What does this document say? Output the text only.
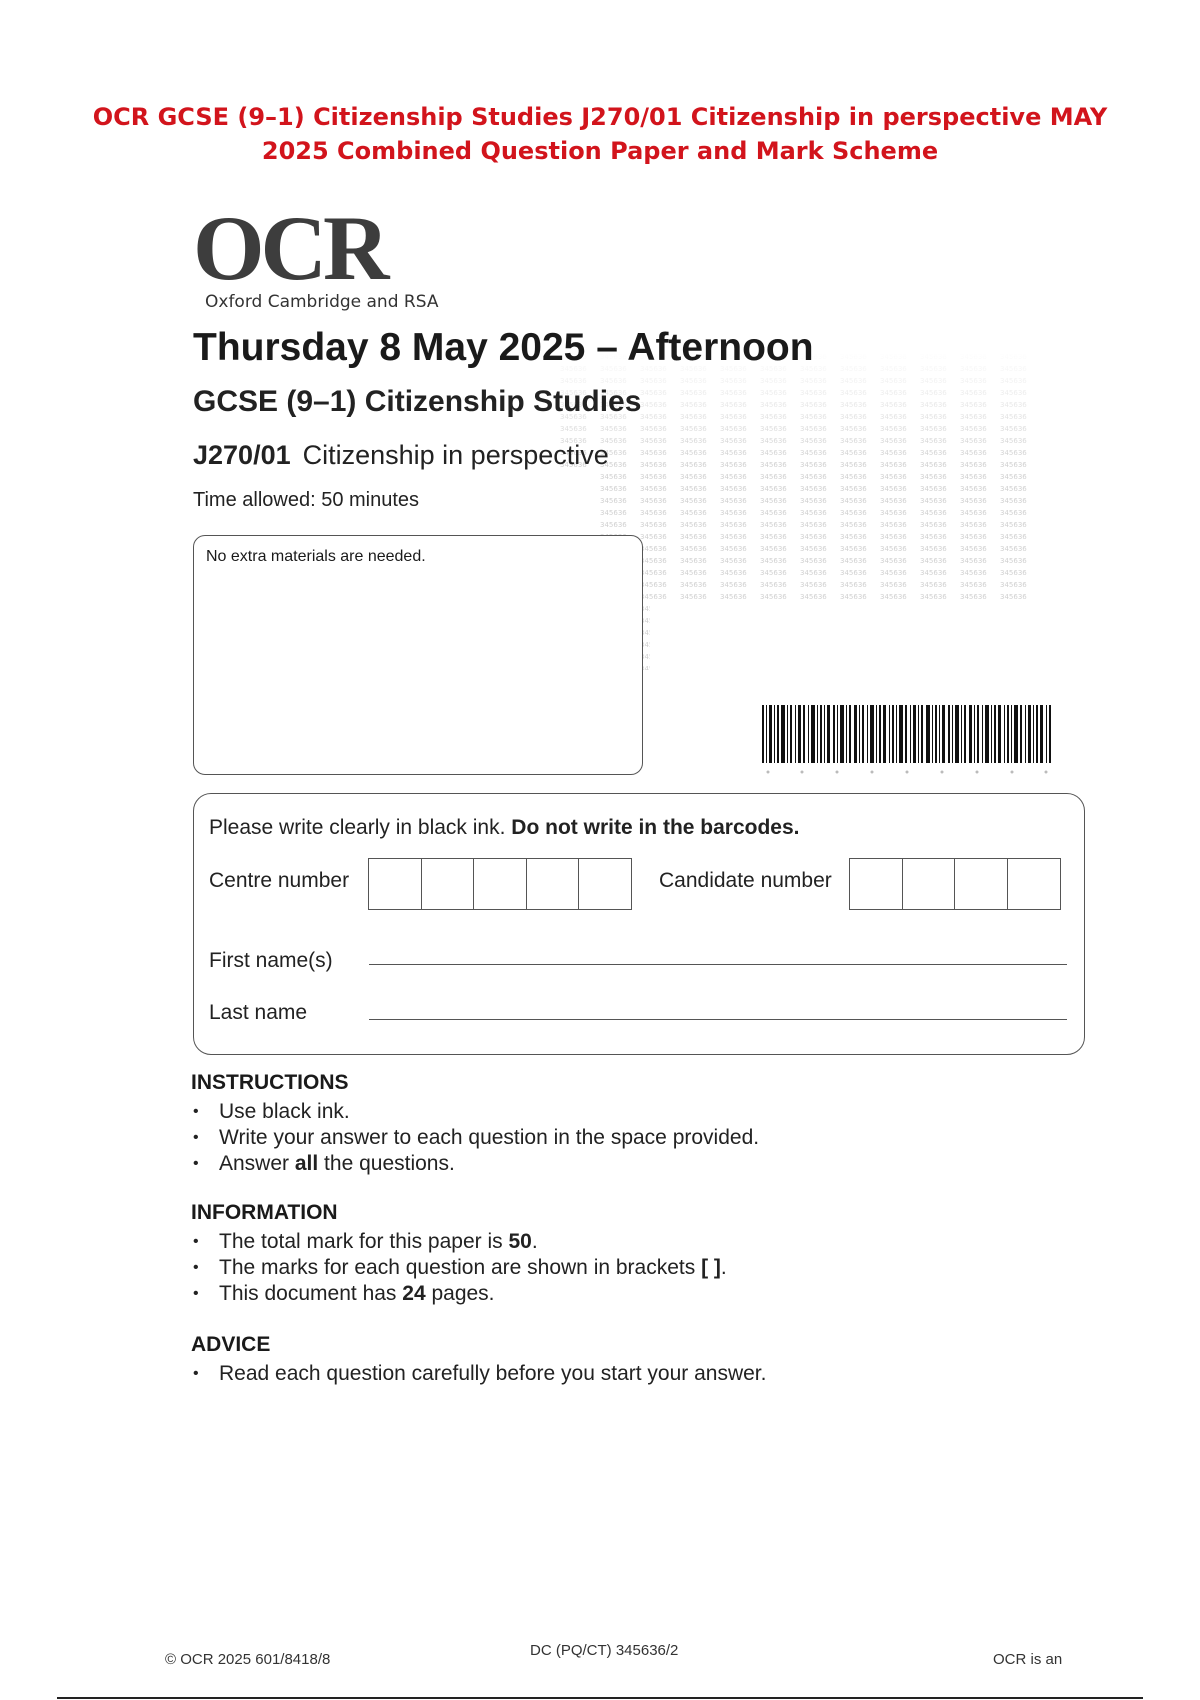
OCR GCSE (9–1) Citizenship Studies J270/01 Citizenship in perspective MAY
2025 Combined Question Paper and Mark Scheme
OCR
Oxford Cambridge and RSA
Thursday 8 May 2025 – Afternoon
GCSE (9–1) Citizenship Studies
J270/01 Citizenship in perspective
Time allowed: 50 minutes
No extra materials are needed.
Please write clearly in black ink. Do not write in the barcodes.
Centre number	Candidate number
First name(s)
Last name
INSTRUCTIONS
• Use black ink.
• Write your answer to each question in the space provided.
• Answer all the questions.
INFORMATION
• The total mark for this paper is 50.
• The marks for each question are shown in brackets [ ].
• This document has 24 pages.
ADVICE
• Read each question carefully before you start your answer.
© OCR 2025 601/8418/8
DC (PQ/CT) 345636/2
OCR is an
